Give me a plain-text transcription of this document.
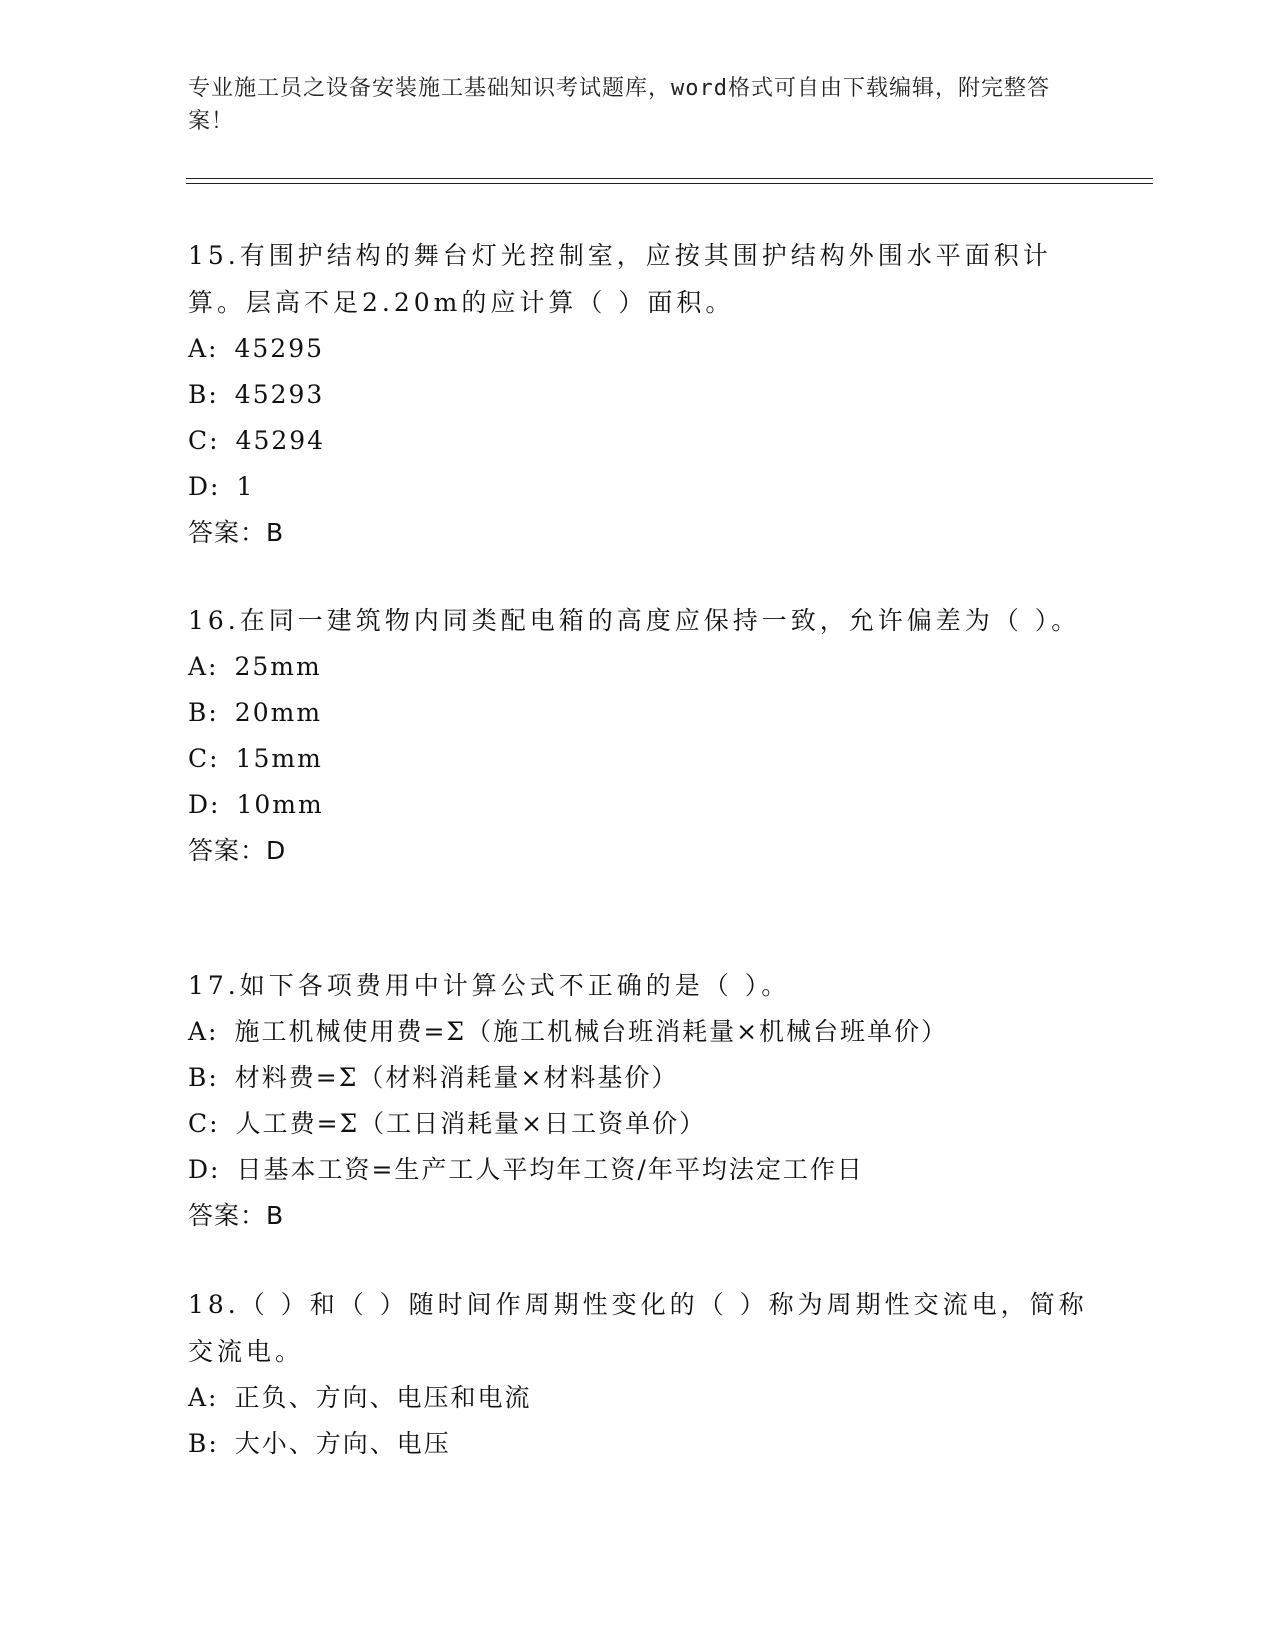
专业施工员之设备安装施工基础知识考试题库，word格式可自由下载编辑，附完整答案！

15.有围护结构的舞台灯光控制室，应按其围护结构外围水平面积计算。层高不足2.20m的应计算（ ）面积。

A: 45295
B: 45293
C: 45294
D: 1
答案：B

16.在同一建筑物内同类配电箱的高度应保持一致，允许偏差为（ ）。

A: 25mm
B: 20mm
C: 15mm
D: 10mm
答案：D

17.如下各项费用中计算公式不正确的是（ ）。

A: 施工机械使用费=Σ（施工机械台班消耗量×机械台班单价）
B: 材料费=Σ（材料消耗量×材料基价）
C: 人工费=Σ（工日消耗量×日工资单价）
D: 日基本工资=生产工人平均年工资/年平均法定工作日
答案：B

18.（ ）和（ ）随时间作周期性变化的（ ）称为周期性交流电，简称交流电。

A: 正负、方向、电压和电流
B: 大小、方向、电压
